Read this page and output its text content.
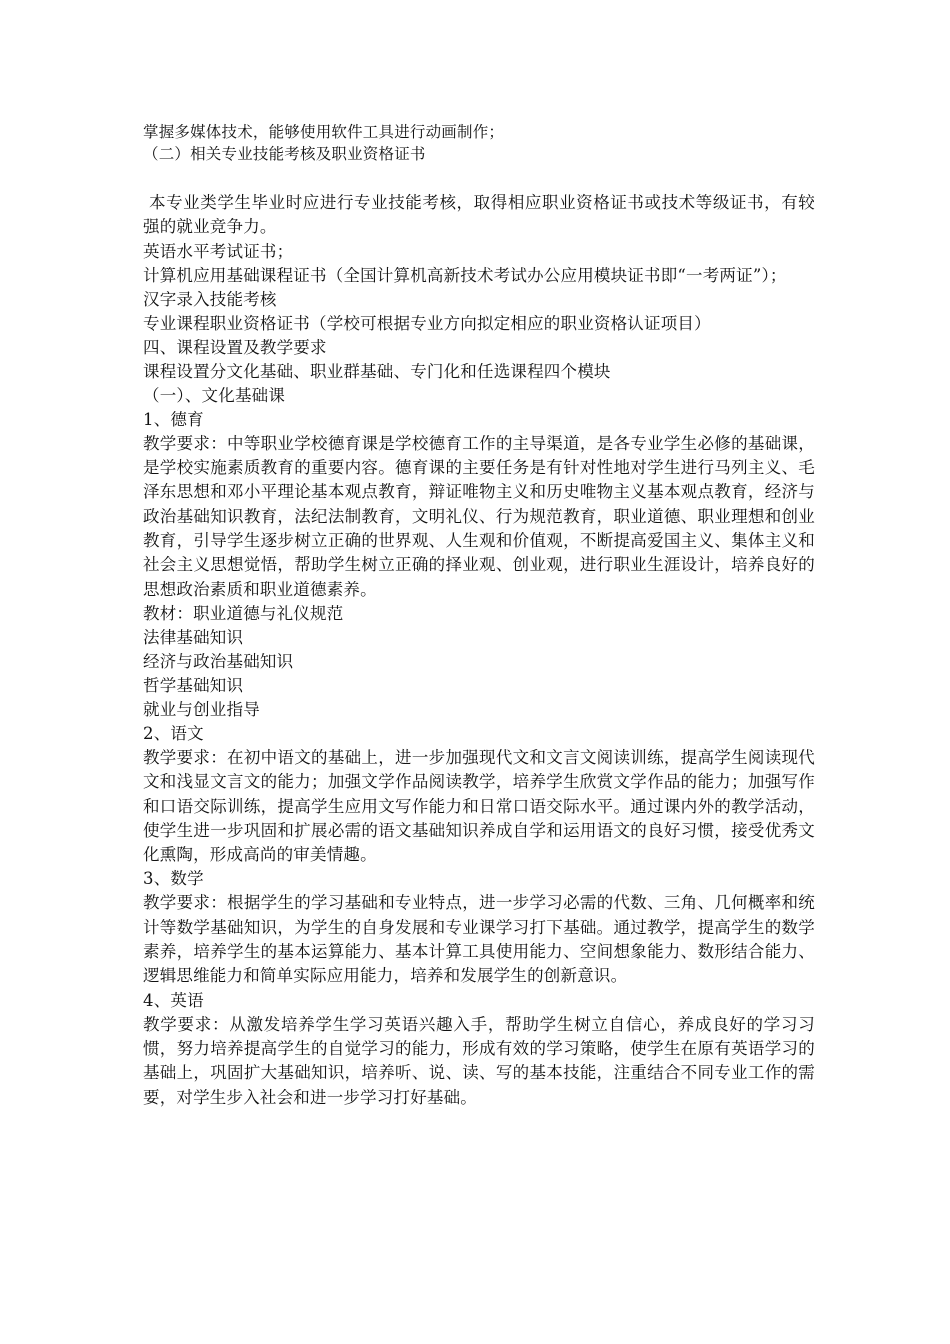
掌握多媒体技术，能够使用软件工具进行动画制作；
（二）相关专业技能考核及职业资格证书

本专业类学生毕业时应进行专业技能考核，取得相应职业资格证书或技术等级证书，有较强的就业竞争力。

英语水平考试证书；

计算机应用基础课程证书（全国计算机高新技术考试办公应用模块证书即“一考两证”）；

汉字录入技能考核
专业课程职业资格证书（学校可根据专业方向拟定相应的职业资格认证项目）
四、课程设置及教学要求
课程设置分文化基础、职业群基础、专门化和任选课程四个模块
（一）、文化基础课
1、德育

教学要求：中等职业学校德育课是学校德育工作的主导渠道，是各专业学生必修的基础课，是学校实施素质教育的重要内容。德育课的主要任务是有针对性地对学生进行马列主义、毛泽东思想和邓小平理论基本观点教育，辩证唯物主义和历史唯物主义基本观点教育，经济与政治基础知识教育，法纪法制教育，文明礼仪、行为规范教育，职业道德、职业理想和创业教育，引导学生逐步树立正确的世界观、人生观和价值观，不断提高爱国主义、集体主义和社会主义思想觉悟，帮助学生树立正确的择业观、创业观，进行职业生涯设计，培养良好的思想政治素质和职业道德素养。

教材：职业道德与礼仪规范
法律基础知识
经济与政治基础知识
哲学基础知识
就业与创业指导
2、语文

教学要求：在初中语文的基础上，进一步加强现代文和文言文阅读训练，提高学生阅读现代文和浅显文言文的能力；加强文学作品阅读教学，培养学生欣赏文学作品的能力；加强写作和口语交际训练，提高学生应用文写作能力和日常口语交际水平。通过课内外的教学活动，使学生进一步巩固和扩展必需的语文基础知识养成自学和运用语文的良好习惯，接受优秀文化熏陶，形成高尚的审美情趣。

3、数学

教学要求：根据学生的学习基础和专业特点，进一步学习必需的代数、三角、几何概率和统计等数学基础知识，为学生的自身发展和专业课学习打下基础。通过教学，提高学生的数学素养，培养学生的基本运算能力、基本计算工具使用能力、空间想象能力、数形结合能力、逻辑思维能力和简单实际应用能力，培养和发展学生的创新意识。

4、英语

教学要求：从激发培养学生学习英语兴趣入手，帮助学生树立自信心，养成良好的学习习惯，努力培养提高学生的自觉学习的能力，形成有效的学习策略，使学生在原有英语学习的基础上，巩固扩大基础知识，培养听、说、读、写的基本技能，注重结合不同专业工作的需要，对学生步入社会和进一步学习打好基础。
